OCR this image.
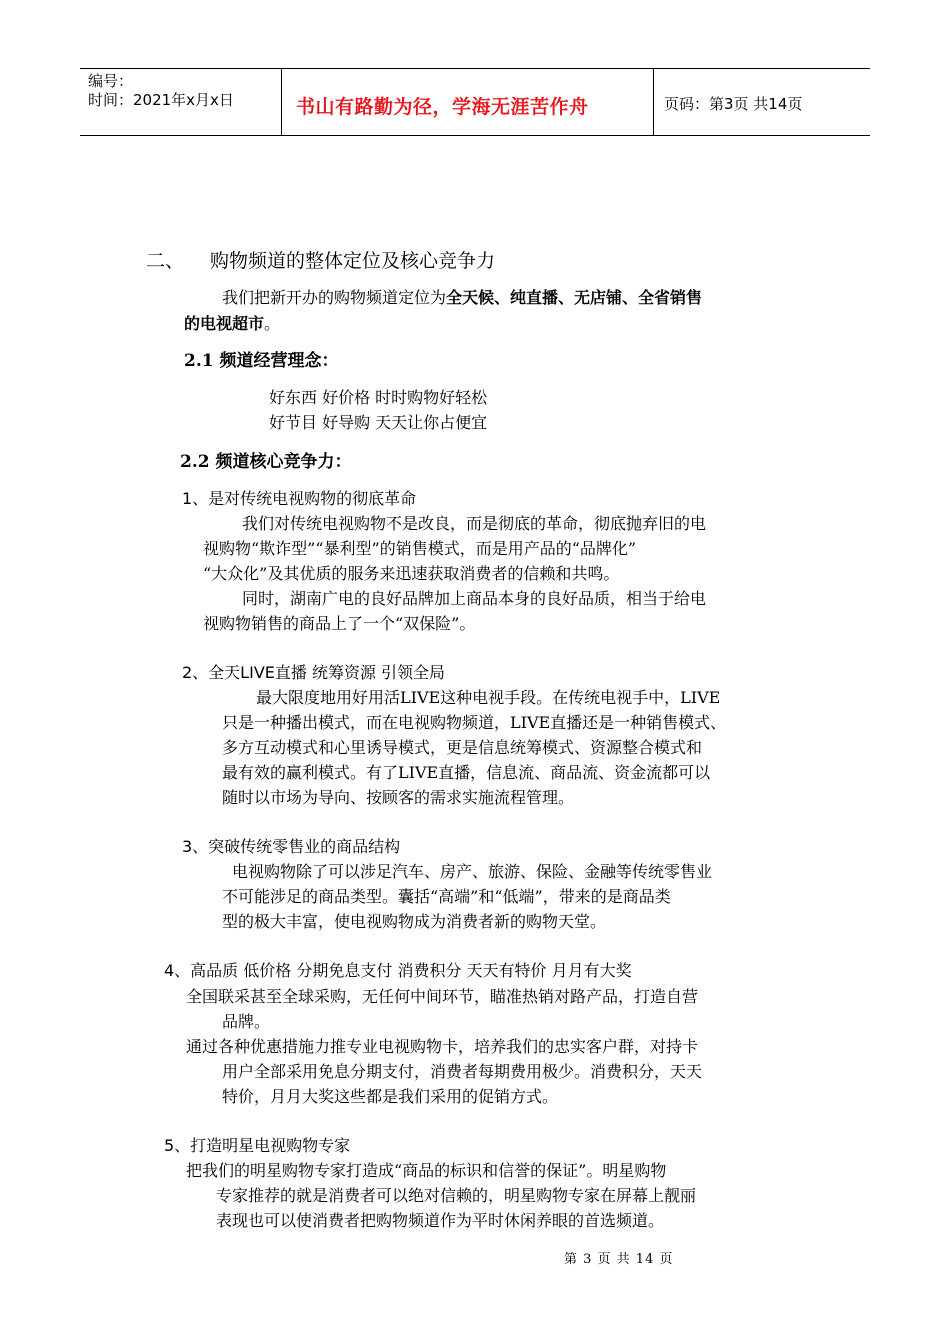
编号：
时间：2021年x月x日	书山有路勤为径，学海无涯苦作舟	页码：第3页 共14页
二、 购物频道的整体定位及核心竞争力
我们把新开办的购物频道定位为全天候、纯直播、无店铺、全省销售
的电视超市。
2.1 频道经营理念：
好东西 好价格 时时购物好轻松
好节目 好导购 天天让你占便宜
2.2 频道核心竞争力：
1、是对传统电视购物的彻底革命
我们对传统电视购物不是改良，而是彻底的革命，彻底抛弃旧的电
视购物“欺诈型”“暴利型”的销售模式，而是用产品的“品牌化”
“大众化”及其优质的服务来迅速获取消费者的信赖和共鸣。
同时，湖南广电的良好品牌加上商品本身的良好品质，相当于给电
视购物销售的商品上了一个“双保险”。
2、全天LIVE直播 统筹资源 引领全局
最大限度地用好用活LIVE这种电视手段。在传统电视手中，LIVE
只是一种播出模式，而在电视购物频道，LIVE直播还是一种销售模式、
多方互动模式和心里诱导模式，更是信息统筹模式、资源整合模式和
最有效的赢利模式。有了LIVE直播，信息流、商品流、资金流都可以
随时以市场为导向、按顾客的需求实施流程管理。
3、突破传统零售业的商品结构
电视购物除了可以涉足汽车、房产、旅游、保险、金融等传统零售业
不可能涉足的商品类型。囊括“高端”和“低端”，带来的是商品类
型的极大丰富，使电视购物成为消费者新的购物天堂。
4、高品质 低价格 分期免息支付 消费积分 天天有特价 月月有大奖
全国联采甚至全球采购，无任何中间环节，瞄准热销对路产品，打造自营
品牌。
通过各种优惠措施力推专业电视购物卡，培养我们的忠实客户群，对持卡
用户全部采用免息分期支付，消费者每期费用极少。消费积分，天天
特价，月月大奖这些都是我们采用的促销方式。
5、打造明星电视购物专家
把我们的明星购物专家打造成“商品的标识和信誉的保证”。明星购物
专家推荐的就是消费者可以绝对信赖的，明星购物专家在屏幕上靓丽
表现也可以使消费者把购物频道作为平时休闲养眼的首选频道。
第 3 页 共 14 页
